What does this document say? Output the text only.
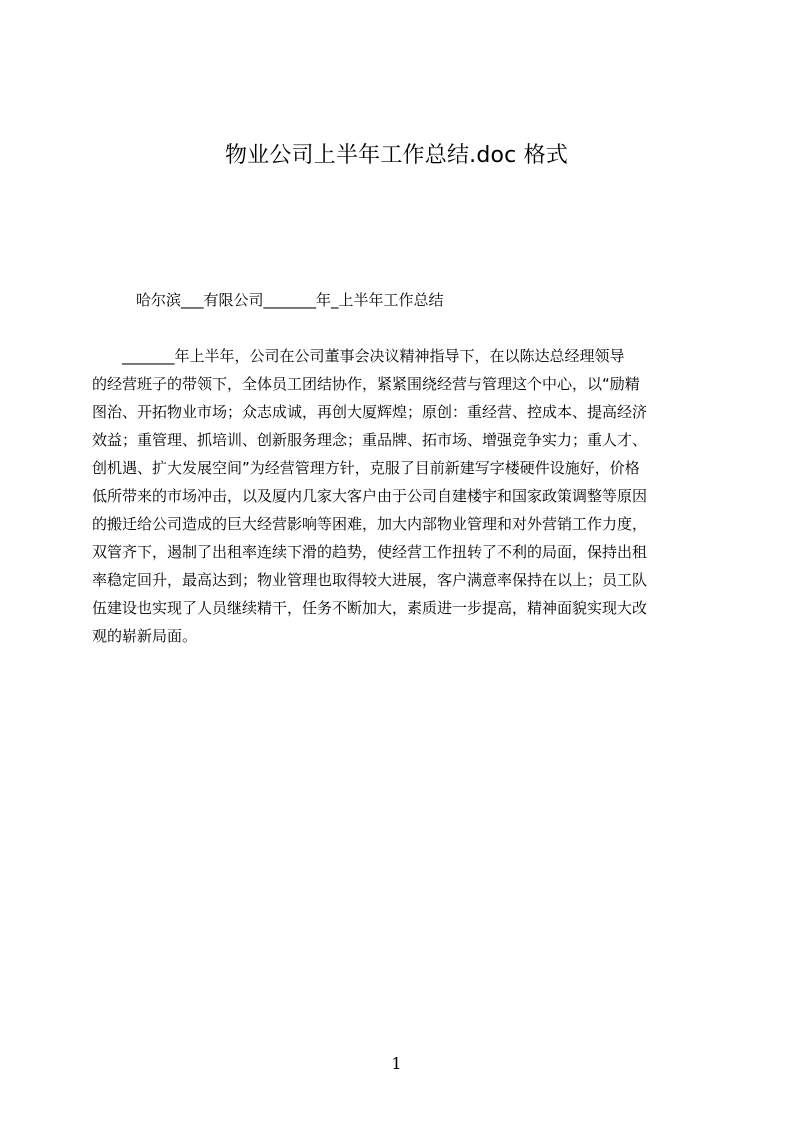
物业公司上半年工作总结.doc 格式
哈尔滨___有限公司_______年_上半年工作总结
　　_______年上半年，公司在公司董事会决议精神指导下，在以陈达总经理领导
的经营班子的带领下，全体员工团结协作，紧紧围绕经营与管理这个中心，以“励精
图治、开拓物业市场；众志成诚，再创大厦辉煌；原创：重经营、控成本、提高经济
效益；重管理、抓培训、创新服务理念；重品牌、拓市场、增强竞争实力；重人才、
创机遇、扩大发展空间”为经营管理方针，克服了目前新建写字楼硬件设施好，价格
低所带来的市场冲击，以及厦内几家大客户由于公司自建楼宇和国家政策调整等原因
的搬迁给公司造成的巨大经营影响等困难，加大内部物业管理和对外营销工作力度，
双管齐下，遏制了出租率连续下滑的趋势，使经营工作扭转了不利的局面，保持出租
率稳定回升，最高达到；物业管理也取得较大进展，客户满意率保持在以上；员工队
伍建设也实现了人员继续精干，任务不断加大，素质进一步提高，精神面貌实现大改
观的崭新局面。
1
